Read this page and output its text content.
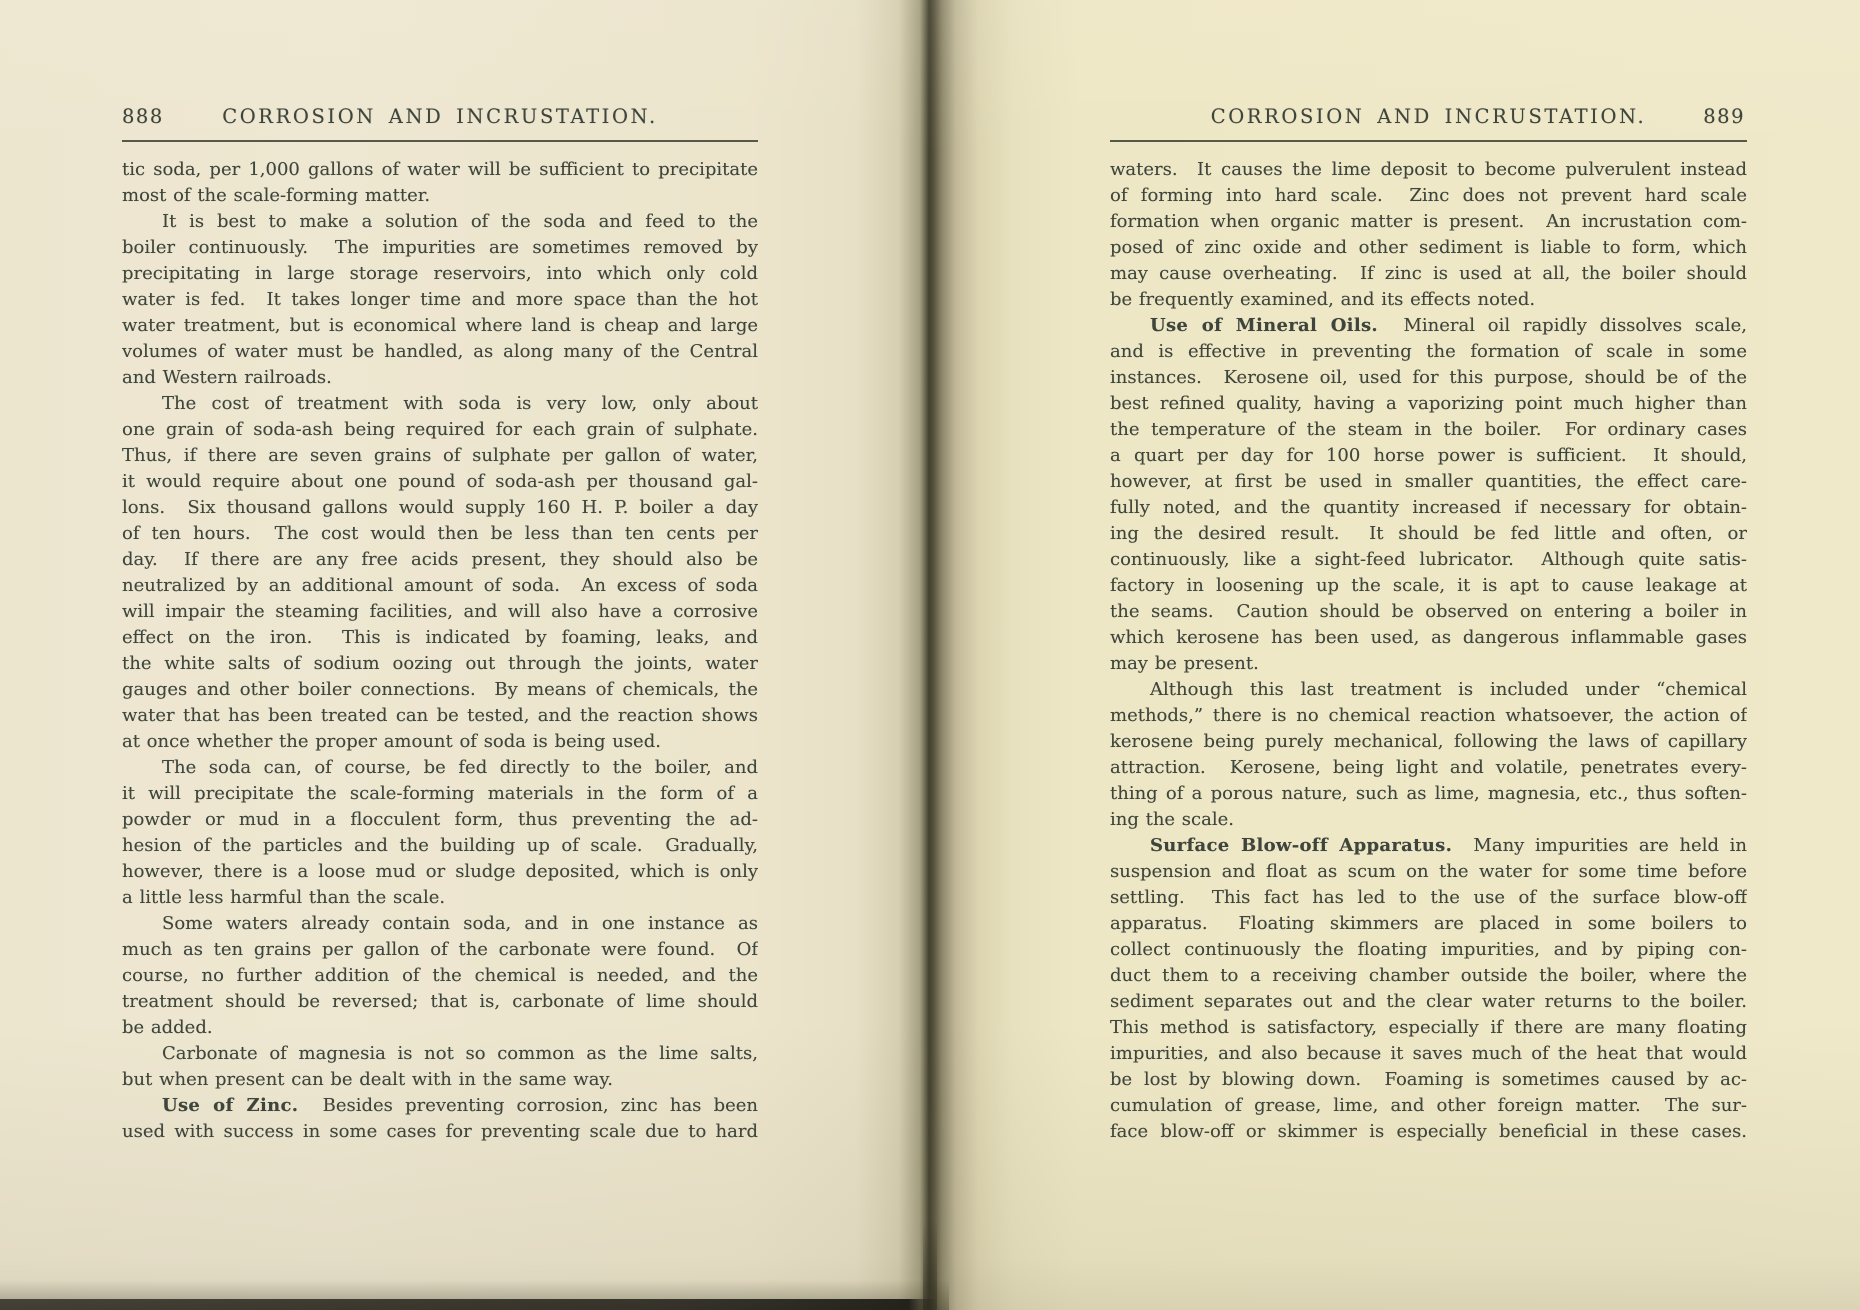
888	CORROSION AND INCRUSTATION.
tic soda, per 1,000 gallons of water will be sufficient to precipitate
most of the scale-forming matter.
It is best to make a solution of the soda and feed to the
boiler continuously.  The impurities are sometimes removed by
precipitating in large storage reservoirs, into which only cold
water is fed.  It takes longer time and more space than the hot
water treatment, but is economical where land is cheap and large
volumes of water must be handled, as along many of the Central
and Western railroads.
The cost of treatment with soda is very low, only about
one grain of soda-ash being required for each grain of sulphate.
Thus, if there are seven grains of sulphate per gallon of water,
it would require about one pound of soda-ash per thousand gal-
lons.  Six thousand gallons would supply 160 H. P. boiler a day
of ten hours.  The cost would then be less than ten cents per
day.  If there are any free acids present, they should also be
neutralized by an additional amount of soda.  An excess of soda
will impair the steaming facilities, and will also have a corrosive
effect on the iron.  This is indicated by foaming, leaks, and
the white salts of sodium oozing out through the joints, water
gauges and other boiler connections.  By means of chemicals, the
water that has been treated can be tested, and the reaction shows
at once whether the proper amount of soda is being used.
The soda can, of course, be fed directly to the boiler, and
it will precipitate the scale-forming materials in the form of a
powder or mud in a flocculent form, thus preventing the ad-
hesion of the particles and the building up of scale.  Gradually,
however, there is a loose mud or sludge deposited, which is only
a little less harmful than the scale.
Some waters already contain soda, and in one instance as
much as ten grains per gallon of the carbonate were found.  Of
course, no further addition of the chemical is needed, and the
treatment should be reversed; that is, carbonate of lime should
be added.
Carbonate of magnesia is not so common as the lime salts,
but when present can be dealt with in the same way.
Use of Zinc.  Besides preventing corrosion, zinc has been
used with success in some cases for preventing scale due to hard
CORROSION AND INCRUSTATION.	889
waters.  It causes the lime deposit to become pulverulent instead
of forming into hard scale.  Zinc does not prevent hard scale
formation when organic matter is present.  An incrustation com-
posed of zinc oxide and other sediment is liable to form, which
may cause overheating.  If zinc is used at all, the boiler should
be frequently examined, and its effects noted.
Use of Mineral Oils.  Mineral oil rapidly dissolves scale,
and is effective in preventing the formation of scale in some
instances.  Kerosene oil, used for this purpose, should be of the
best refined quality, having a vaporizing point much higher than
the temperature of the steam in the boiler.  For ordinary cases
a quart per day for 100 horse power is sufficient.  It should,
however, at first be used in smaller quantities, the effect care-
fully noted, and the quantity increased if necessary for obtain-
ing the desired result.  It should be fed little and often, or
continuously, like a sight-feed lubricator.  Although quite satis-
factory in loosening up the scale, it is apt to cause leakage at
the seams.  Caution should be observed on entering a boiler in
which kerosene has been used, as dangerous inflammable gases
may be present.
Although this last treatment is included under “chemical
methods,” there is no chemical reaction whatsoever, the action of
kerosene being purely mechanical, following the laws of capillary
attraction.  Kerosene, being light and volatile, penetrates every-
thing of a porous nature, such as lime, magnesia, etc., thus soften-
ing the scale.
Surface Blow-off Apparatus.  Many impurities are held in
suspension and float as scum on the water for some time before
settling.  This fact has led to the use of the surface blow-off
apparatus.  Floating skimmers are placed in some boilers to
collect continuously the floating impurities, and by piping con-
duct them to a receiving chamber outside the boiler, where the
sediment separates out and the clear water returns to the boiler.
This method is satisfactory, especially if there are many floating
impurities, and also because it saves much of the heat that would
be lost by blowing down.  Foaming is sometimes caused by ac-
cumulation of grease, lime, and other foreign matter.  The sur-
face blow-off or skimmer is especially beneficial in these cases.
